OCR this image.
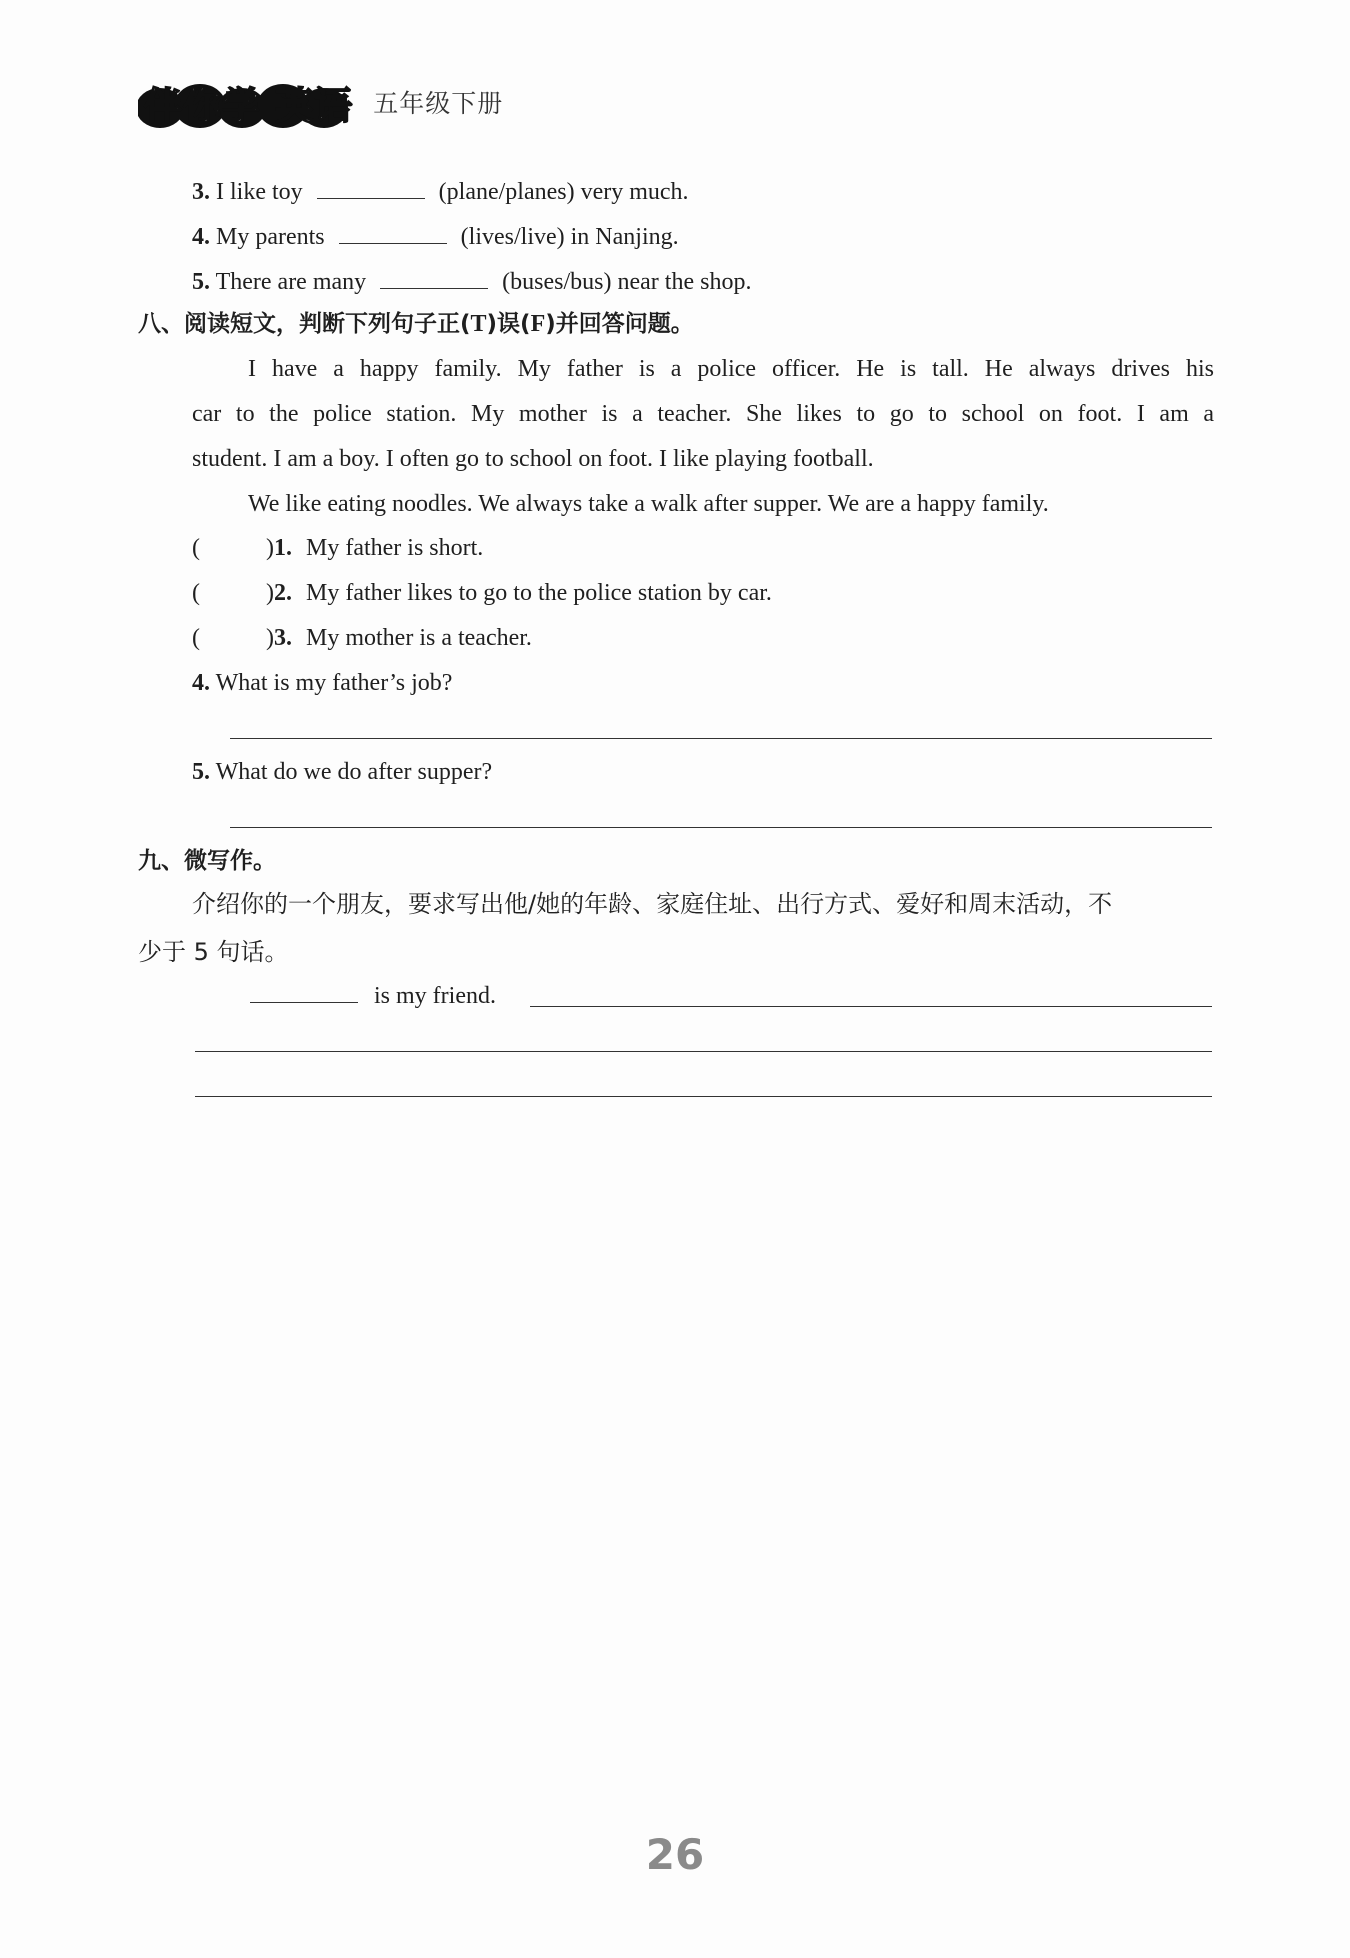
伴你学 英语 五年级下册
3. I like toy	(plane/planes) very much.
4. My parents	(lives/live) in Nanjing.
5. There are many	(buses/bus) near the shop.
八、阅读短文，判断下列句子正(T)误(F)并回答问题。
I have a happy family. My father is a police officer. He is tall. He always drives his
car to the police station. My mother is a teacher. She likes to go to school on foot. I am a
student. I am a boy. I often go to school on foot. I like playing football.
We like eating noodles. We always take a walk after supper. We are a happy family.
(	)1. My father is short.
(	)2. My father likes to go to the police station by car.
(	)3. My mother is a teacher.
4. What is my father’s job?
5. What do we do after supper?
九、微写作。
介绍你的一个朋友，要求写出他/她的年龄、家庭住址、出行方式、爱好和周末活动，不
少于 5 句话。
is my friend.
26
